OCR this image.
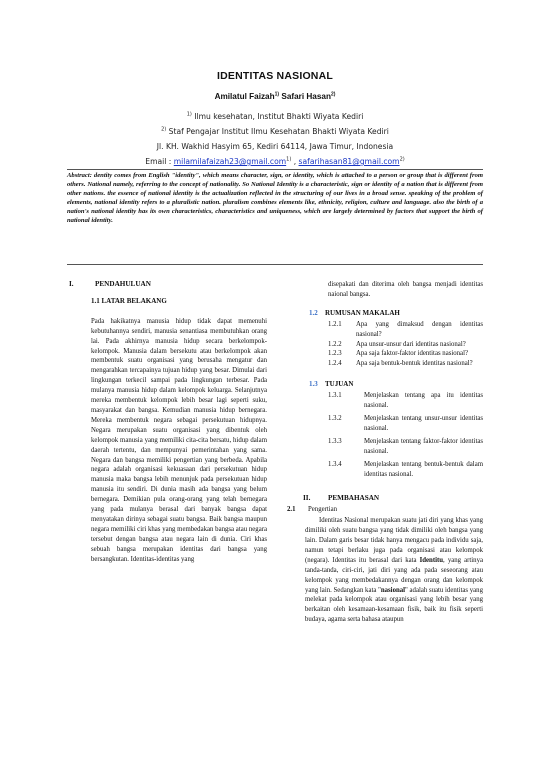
IDENTITAS NASIONAL
Amilatul Faizah$^{1)}$ Safari Hasan$^{2)}$
$^{1)}$ Ilmu kesehatan, Institut Bhakti Wiyata Kediri
$^{2)}$ Staf Pengajar Institut Ilmu Kesehatan Bhakti Wiyata Kediri
Jl. KH. Wakhid Hasyim 65, Kediri 64114, Jawa Timur, Indonesia
Email : milamilafaizah23@gmail.com$^{1)}$ , safarihasan81@gmail.com$^{2)}$
Abstract: dentity comes from English "identity", which means character, sign, or identity, which is attached to a person or group that is different from others. National namely, referring to the concept of nationality. So National Identity is a characteristic, sign or identity of a nation that is different from other nations. the essence of national identity is the actualization reflected in the structuring of our lives in a broad sense. speaking of the problem of elements, national identity refers to a pluralistic nation. pluralism combines elements like, ethnicity, religion, culture and language. also the birth of a nation's national identity has its own characteristics, characteristics and uniqueness, which are largely determined by factors that support the birth of national identity.
I.	PENDAHULUAN
1.1 LATAR BELAKANG

Pada hakikatnya manusia hidup tidak dapat memenuhi kebutuhannya sendiri, manusia senantiasa membutuhkan orang lai. Pada akhirnya manusia hidup secara berkelompok-kelompok. Manusia dalam bersekutu atau berkelompok akan membentuk suatu organisasi yang berusaha mengatur dan mengarahkan tercapainya tujuan hidup yang besar. Dimulai dari lingkungan terkecil sampai pada lingkungan terbesar. Pada mulanya manusia hidup dalam kelompok keluarga. Selanjutnya mereka membentuk kelompok lebih besar lagi seperti suku, masyarakat dan bangsa. Kemudian manusia hidup bernegara. Mereka membentuk negara sebagai persekutuan hidupnya. Negara merupakan suatu organisasi yang dibentuk oleh kelompok manusia yang memiliki cita-cita bersatu, hidup dalam daerah tertentu, dan mempunyai pemerintahan yang sama. Negara dan bangsa memiliki pengertian yang berbeda. Apabila negara adalah organisasi kekuasaan dari persekutuan hidup manusia maka bangsa lebih menunjuk pada persekutuan hidup manusia itu sendiri. Di dunia masih ada bangsa yang belum bernegara. Demikian pula orang-orang yang telah bernegara yang pada mulanya berasal dari banyak bangsa dapat menyatakan dirinya sebagai suatu bangsa. Baik bangsa maupun negara memiliki ciri khas yang membedakan bangsa atau negara tersebut dengan bangsa atau negara lain di dunia. Ciri khas sebuah bangsa merupakan identitas dari bangsa yang bersangkutan. Identitas-identitas yang

disepakati dan diterima oleh bangsa menjadi identitas naional bangsa.

1.2	RUMUSAN MAKALAH
1.2.1	Apa yang dimaksud dengan identitas nasional?
1.2.2	Apa unsur-unsur dari identitas nasional?
1.2.3	Apa saja faktor-faktor identitas nasional?
1.2.4	Apa saja bentuk-bentuk identitas nasional?
1.3	TUJUAN
1.3.1	Menjelaskan tentang apa itu identitas nasional.
1.3.2	Menjelaskan tentang unsur-unsur identitas nasional.
1.3.3	Menjelaskan tentang faktor-faktor identitas nasional.
1.3.4	Menjelaskan tentang bentuk-bentuk dalam identitas nasional.
II.	PEMBAHASAN
2.1	Pengertian

Identitas Nasional merupakan suatu jati diri yang khas yang dimiliki oleh suatu bangsa yang tidak dimiliki oleh bangsa yang lain. Dalam garis besar tidak hanya mengacu pada individu saja, namun tetapi berlaku juga pada organisasi atau kelompok (negara). Identitas itu berasal dari kata Identitu, yang artinya tanda-tanda, ciri-ciri, jati diri yang ada pada seseorang atau kelompok yang membedakannya dengan orang dan kelompok yang lain. Sedangkan kata "nasional" adalah suatu identitas yang melekat pada kelompok atau organisasi yang lebih besar yang berkaitan oleh kesamaan-kesamaan fisik, baik itu fisik seperti budaya, agama serta bahasa ataupun
